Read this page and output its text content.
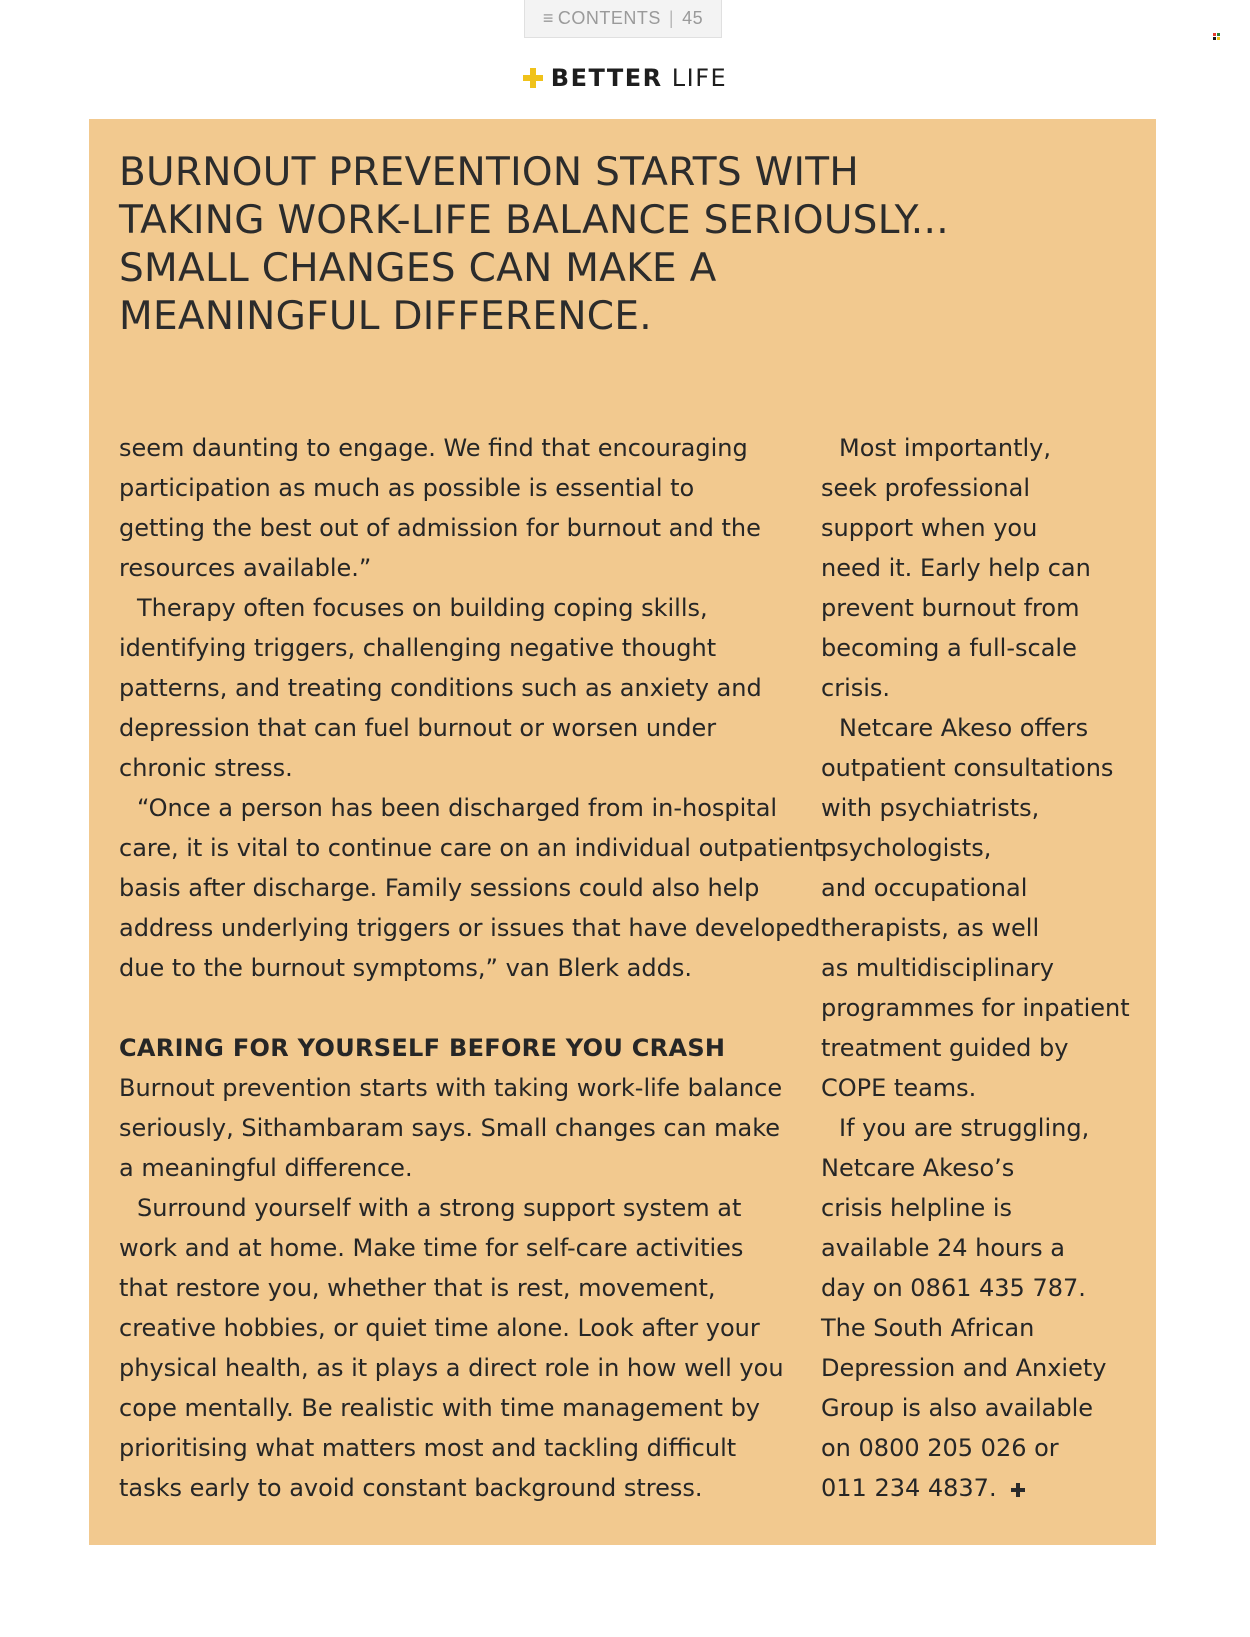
≡ CONTENTS | 45
BETTER LIFE
BURNOUT PREVENTION STARTS WITH
TAKING WORK-LIFE BALANCE SERIOUSLY...
SMALL CHANGES CAN MAKE A
MEANINGFUL DIFFERENCE.

seem daunting to engage. We find that encouraging
participation as much as possible is essential to
getting the best out of admission for burnout and the
resources available.”

Therapy often focuses on building coping skills,
identifying triggers, challenging negative thought
patterns, and treating conditions such as anxiety and
depression that can fuel burnout or worsen under
chronic stress.

“Once a person has been discharged from in-hospital
care, it is vital to continue care on an individual outpatient
basis after discharge. Family sessions could also help
address underlying triggers or issues that have developed
due to the burnout symptoms,” van Blerk adds.

CARING FOR YOURSELF BEFORE YOU CRASH

Burnout prevention starts with taking work-life balance
seriously, Sithambaram says. Small changes can make
a meaningful difference.

Surround yourself with a strong support system at
work and at home. Make time for self-care activities
that restore you, whether that is rest, movement,
creative hobbies, or quiet time alone. Look after your
physical health, as it plays a direct role in how well you
cope mentally. Be realistic with time management by
prioritising what matters most and tackling difficult
tasks early to avoid constant background stress.

Most importantly,
seek professional
support when you
need it. Early help can
prevent burnout from
becoming a full-scale
crisis.

Netcare Akeso offers
outpatient consultations
with psychiatrists,
psychologists,
and occupational
therapists, as well
as multidisciplinary
programmes for inpatient
treatment guided by
COPE teams.

If you are struggling,
Netcare Akeso’s
crisis helpline is
available 24 hours a
day on 0861 435 787.
The South African
Depression and Anxiety
Group is also available
on 0800 205 026 or
011 234 4837.
